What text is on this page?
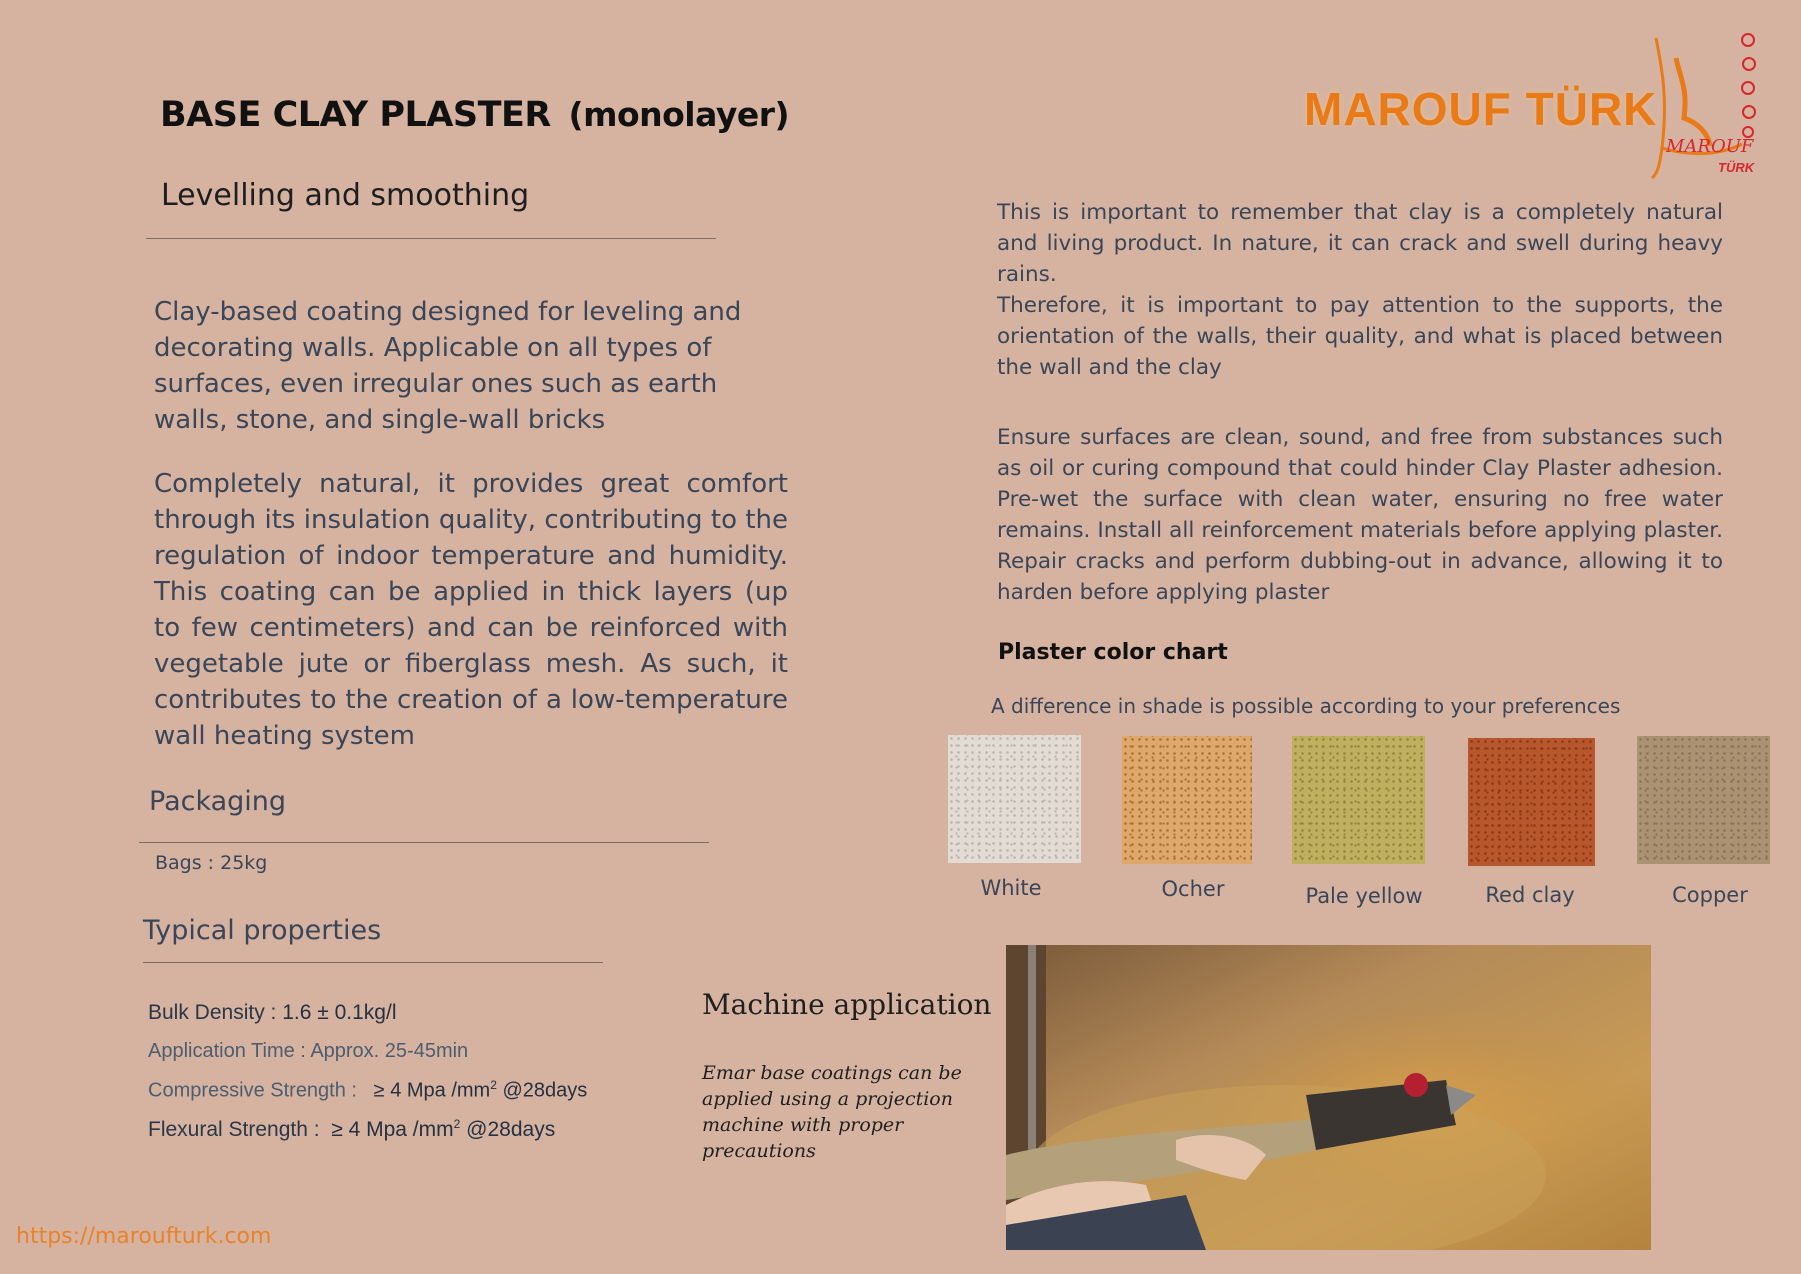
BASE CLAY PLASTER (monolayer)
Levelling and smoothing
MAROUF TÜRK
MAROUF
TÜRK
Clay-based coating designed for leveling and decorating walls. Applicable on all types of surfaces, even irregular ones such as earth walls, stone, and single-wall bricks
Completely natural, it provides great comfort through its insulation quality, contributing to the regulation of indoor temperature and humidity. This coating can be applied in thick layers (up to few centimeters) and can be reinforced with vegetable jute or fiberglass mesh. As such, it contributes to the creation of a low-temperature wall heating system
Packaging
Bags : 25kg
Typical properties
Bulk Density : 1.6 ± 0.1kg/l
Application Time : Approx. 25-45min
Compressive Strength :   ≥ 4 Mpa $/mm^2$ @28days
Flexural Strength :  ≥ 4 Mpa $/mm^2$ @28days
This is important to remember that clay is a completely natural and living product. In nature, it can crack and swell during heavy rains.
Therefore, it is important to pay attention to the supports, the orientation of the walls, their quality, and what is placed between the wall and the clay
Ensure surfaces are clean, sound, and free from substances such as oil or curing compound that could hinder Clay Plaster adhesion. Pre-wet the surface with clean water, ensuring no free water remains. Install all reinforcement materials before applying plaster. Repair cracks and perform dubbing-out in advance, allowing it to harden before applying plaster
Plaster color chart
A difference in shade is possible according to your preferences
White	Ocher	Pale yellow	Red clay	Copper
Machine application
Emar base coatings can be applied using a projection machine with proper precautions
https://maroufturk.com
